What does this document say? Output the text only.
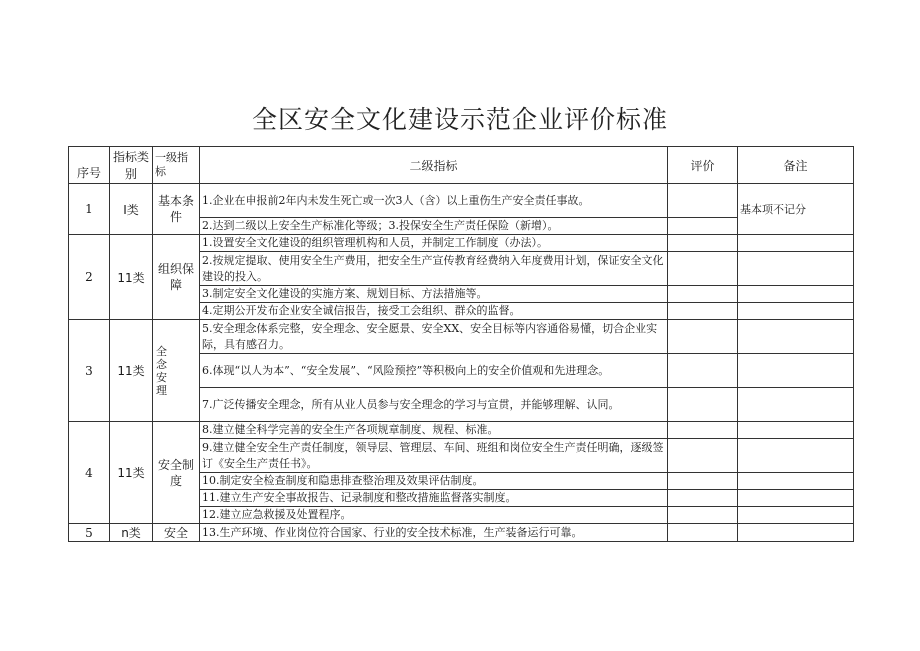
全区安全文化建设示范企业评价标准
序号	指标类别	一级指标	二级指标	评价	备注
1	I类	基本条件	1.企业在申报前2年内未发生死亡或一次3人（含）以上重伤生产安全责任事故。		基本项不记分
			2.达到二级以上安全生产标准化等级；3.投保安全生产责任保险（新增）。		
2	11类	组织保障	1.设置安全文化建设的组织管理机构和人员，并制定工作制度（办法）。		
			2.按规定提取、使用安全生产费用，把安全生产宣传教育经费纳入年度费用计划，保证安全文化建设的投入。		
			3.制定安全文化建设的实施方案、规划目标、方法措施等。		
			4.定期公开发布企业安全诚信报告，接受工会组织、群众的监督。		
3	11类	全念安理	5.安全理念体系完整，安全理念、安全愿景、安全XX、安全目标等内容通俗易懂，切合企业实际，具有感召力。		
			6.体现“以人为本”、“安全发展”、“风险预控”等积极向上的安全价值观和先进理念。		
			7.广泛传播安全理念，所有从业人员参与安全理念的学习与宣贯，并能够理解、认同。		
4	11类	安全制度	8.建立健全科学完善的安全生产各项规章制度、规程、标准。		
			9.建立健全安全生产责任制度，领导层、管理层、车间、班组和岗位安全生产责任明确，逐级签订《安全生产责任书》。		
			10.制定安全检查制度和隐患排查整治理及效果评估制度。		
			11.建立生产安全事故报告、记录制度和整改措施监督落实制度。		
			12.建立应急救援及处置程序。		
5	n类	安全	13.生产环境、作业岗位符合国家、行业的安全技术标准，生产装备运行可靠。		
